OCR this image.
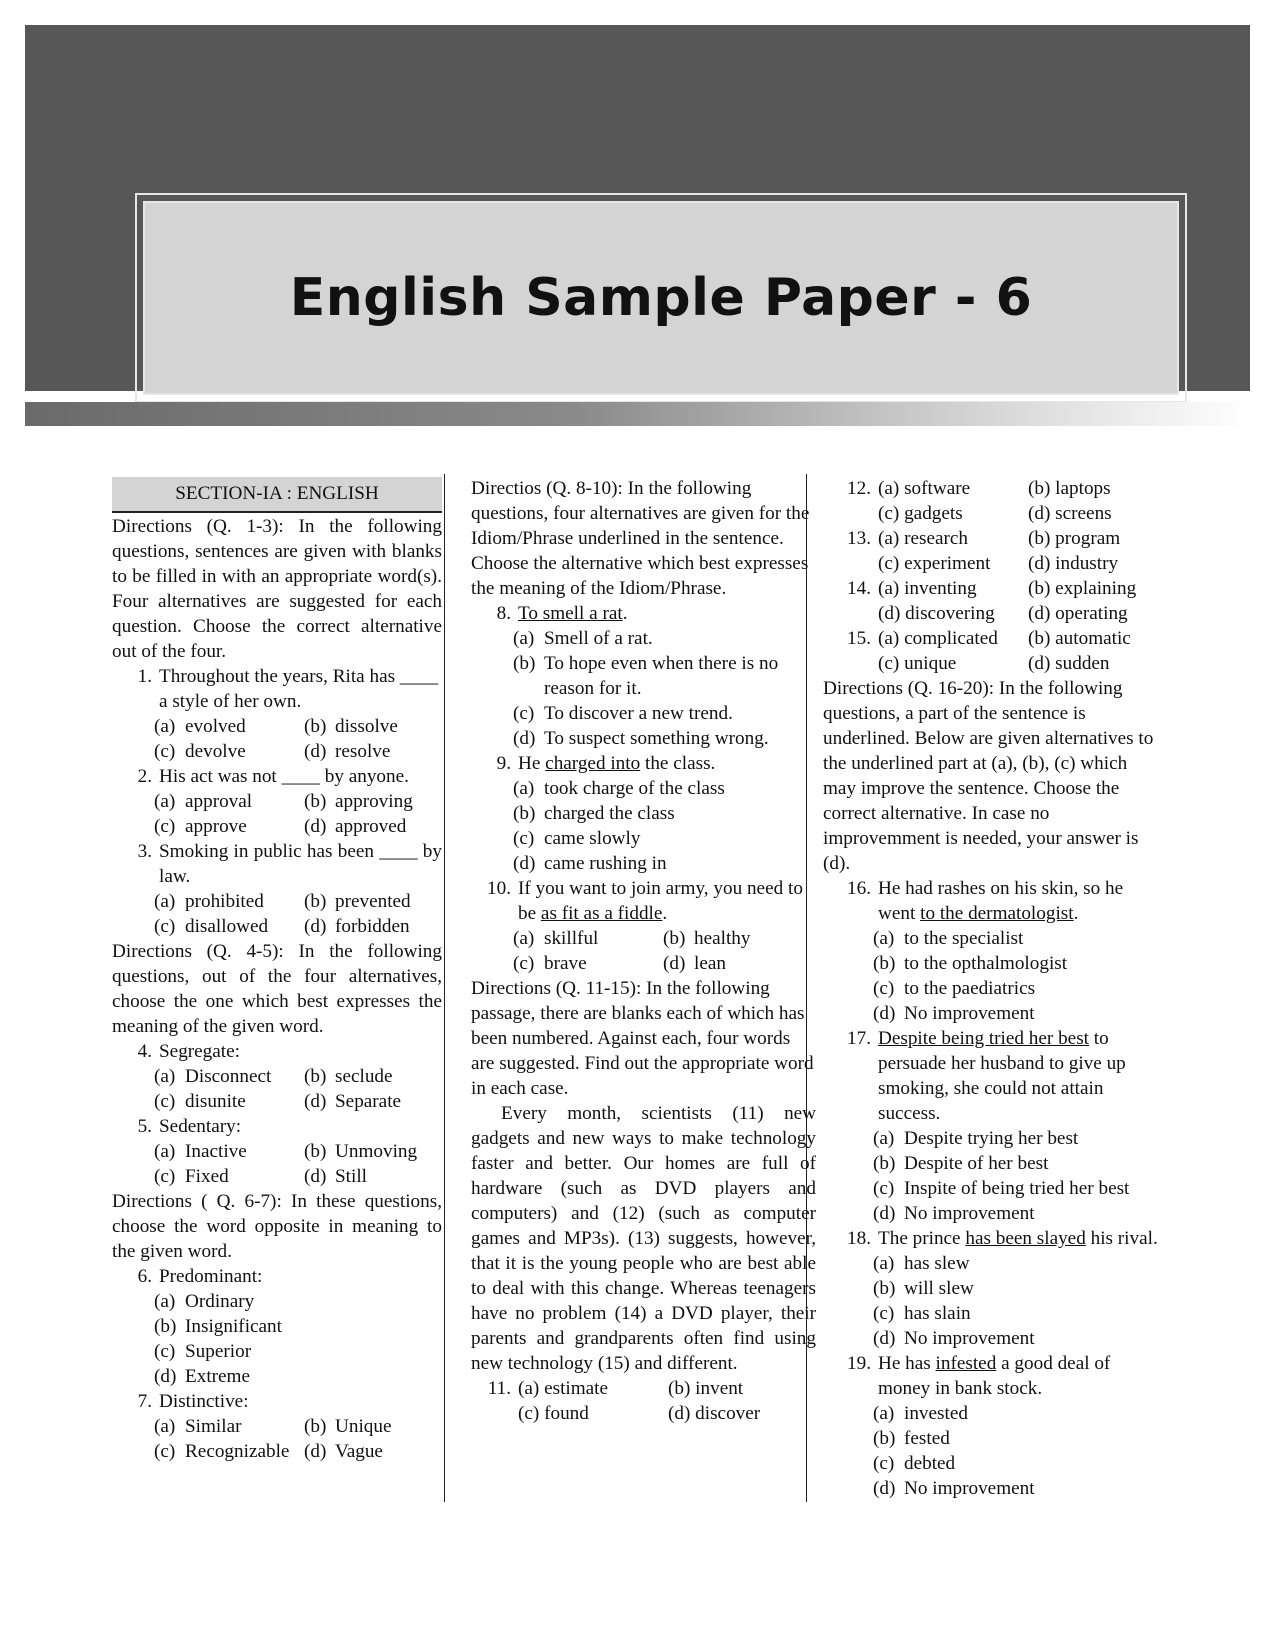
English Sample Paper - 6
SECTION-IA : ENGLISH
Directions (Q. 1-3): In the following questions, sentences are given with blanks to be filled in with an appropriate word(s). Four alternatives are suggested for each question. Choose the correct alternative out of the four.
1. Throughout the years, Rita has ____ a style of her own.
(a) evolved	(b) dissolve
(c) devolve	(d) resolve
2. His act was not ____ by anyone.
(a) approval	(b) approving
(c) approve	(d) approved
3. Smoking in public has been ____ by law.
(a) prohibited	(b) prevented
(c) disallowed	(d) forbidden
Directions (Q. 4-5): In the following questions, out of the four alternatives, choose the one which best expresses the meaning of the given word.
4. Segregate:
(a) Disconnect	(b) seclude
(c) disunite	(d) Separate
5. Sedentary:
(a) Inactive	(b) Unmoving
(c) Fixed	(d) Still
Directions ( Q. 6-7): In these questions, choose the word opposite in meaning to the given word.
6. Predominant:
(a) Ordinary
(b) Insignificant
(c) Superior
(d) Extreme
7. Distinctive:
(a) Similar	(b) Unique
(c) Recognizable (d) Vague
Directios (Q. 8-10): In the following questions, four alternatives are given for the Idiom/Phrase underlined in the sentence. Choose the alternative which best expresses the meaning of the Idiom/Phrase.
8. To smell a rat.
(a) Smell of a rat.
(b) To hope even when there is no reason for it.
(c) To discover a new trend.
(d) To suspect something wrong.
9. He charged into the class.
(a) took charge of the class
(b) charged the class
(c) came slowly
(d) came rushing in
10. If you want to join army, you need to be as fit as a fiddle.
(a) skillful	(b) healthy
(c) brave	(d) lean
Directions (Q. 11-15): In the following passage, there are blanks each of which has been numbered. Against each, four words are suggested. Find out the appropriate word in each case.
Every month, scientists (11) new gadgets and new ways to make technology faster and better. Our homes are full of hardware (such as DVD players and computers) and (12) (such as computer games and MP3s). (13) suggests, however, that it is the young people who are best able to deal with this change. Whereas teenagers have no problem (14) a DVD player, their parents and grandparents often find using new technology (15) and different.
11. (a) estimate	(b) invent
(c) found	(d) discover
12. (a) software	(b) laptops
(c) gadgets	(d) screens
13. (a) research	(b) program
(c) experiment	(d) industry
14. (a) inventing	(b) explaining
(d) discovering	(d) operating
15. (a) complicated	(b) automatic
(c) unique	(d) sudden
Directions (Q. 16-20): In the following questions, a part of the sentence is underlined. Below are given alternatives to the underlined part at (a), (b), (c) which may improve the sentence. Choose the correct alternative. In case no improvemment is needed, your answer is (d).
16. He had rashes on his skin, so he went to the dermatologist.
(a) to the specialist
(b) to the opthalmologist
(c) to the paediatrics
(d) No improvement
17. Despite being tried her best to persuade her husband to give up smoking, she could not attain success.
(a) Despite trying her best
(b) Despite of her best
(c) Inspite of being tried her best
(d) No improvement
18. The prince has been slayed his rival.
(a) has slew
(b) will slew
(c) has slain
(d) No improvement
19. He has infested a good deal of money in bank stock.
(a) invested
(b) fested
(c) debted
(d) No improvement
